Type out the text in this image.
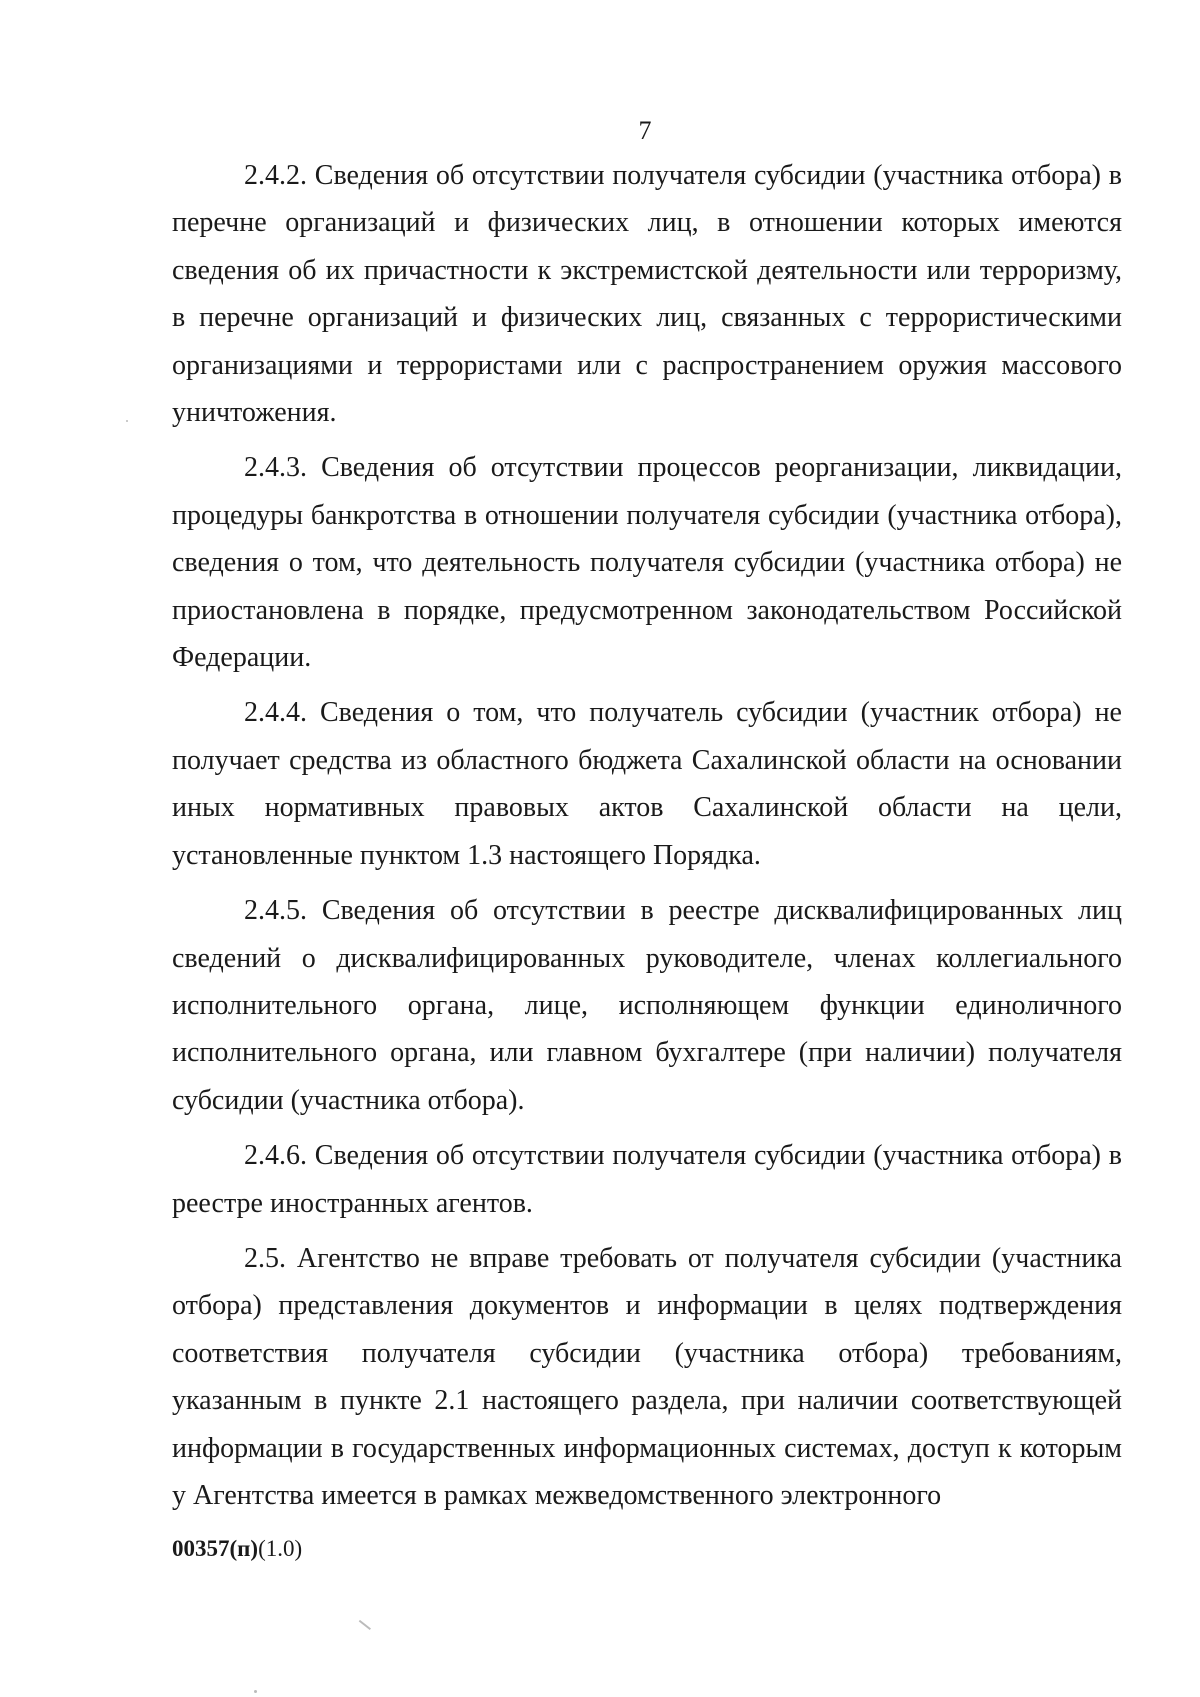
7

2.4.2. Сведения об отсутствии получателя субсидии (участника отбора) в перечне организаций и физических лиц, в отношении которых имеются сведения об их причастности к экстремистской деятельности или терроризму, в перечне организаций и физических лиц, связанных с террористическими организациями и террористами или с распространением оружия массового уничтожения.

2.4.3. Сведения об отсутствии процессов реорганизации, ликвидации, процедуры банкротства в отношении получателя субсидии (участника отбора), сведения о том, что деятельность получателя субсидии (участника отбора) не приостановлена в порядке, предусмотренном законодательством Российской Федерации.

2.4.4. Сведения о том, что получатель субсидии (участник отбора) не получает средства из областного бюджета Сахалинской области на основании иных нормативных правовых актов Сахалинской области на цели, установленные пунктом 1.3 настоящего Порядка.

2.4.5. Сведения об отсутствии в реестре дисквалифицированных лиц сведений о дисквалифицированных руководителе, членах коллегиального исполнительного органа, лице, исполняющем функции единоличного исполнительного органа, или главном бухгалтере (при наличии) получателя субсидии (участника отбора).

2.4.6. Сведения об отсутствии получателя субсидии (участника отбора) в реестре иностранных агентов.

2.5. Агентство не вправе требовать от получателя субсидии (участника отбора) представления документов и информации в целях подтверждения соответствия получателя субсидии (участника отбора) требованиям, указанным в пункте 2.1 настоящего раздела, при наличии соответствующей информации в государственных информационных системах, доступ к которым у Агентства имеется в рамках межведомственного электронного

00357(п)(1.0)
